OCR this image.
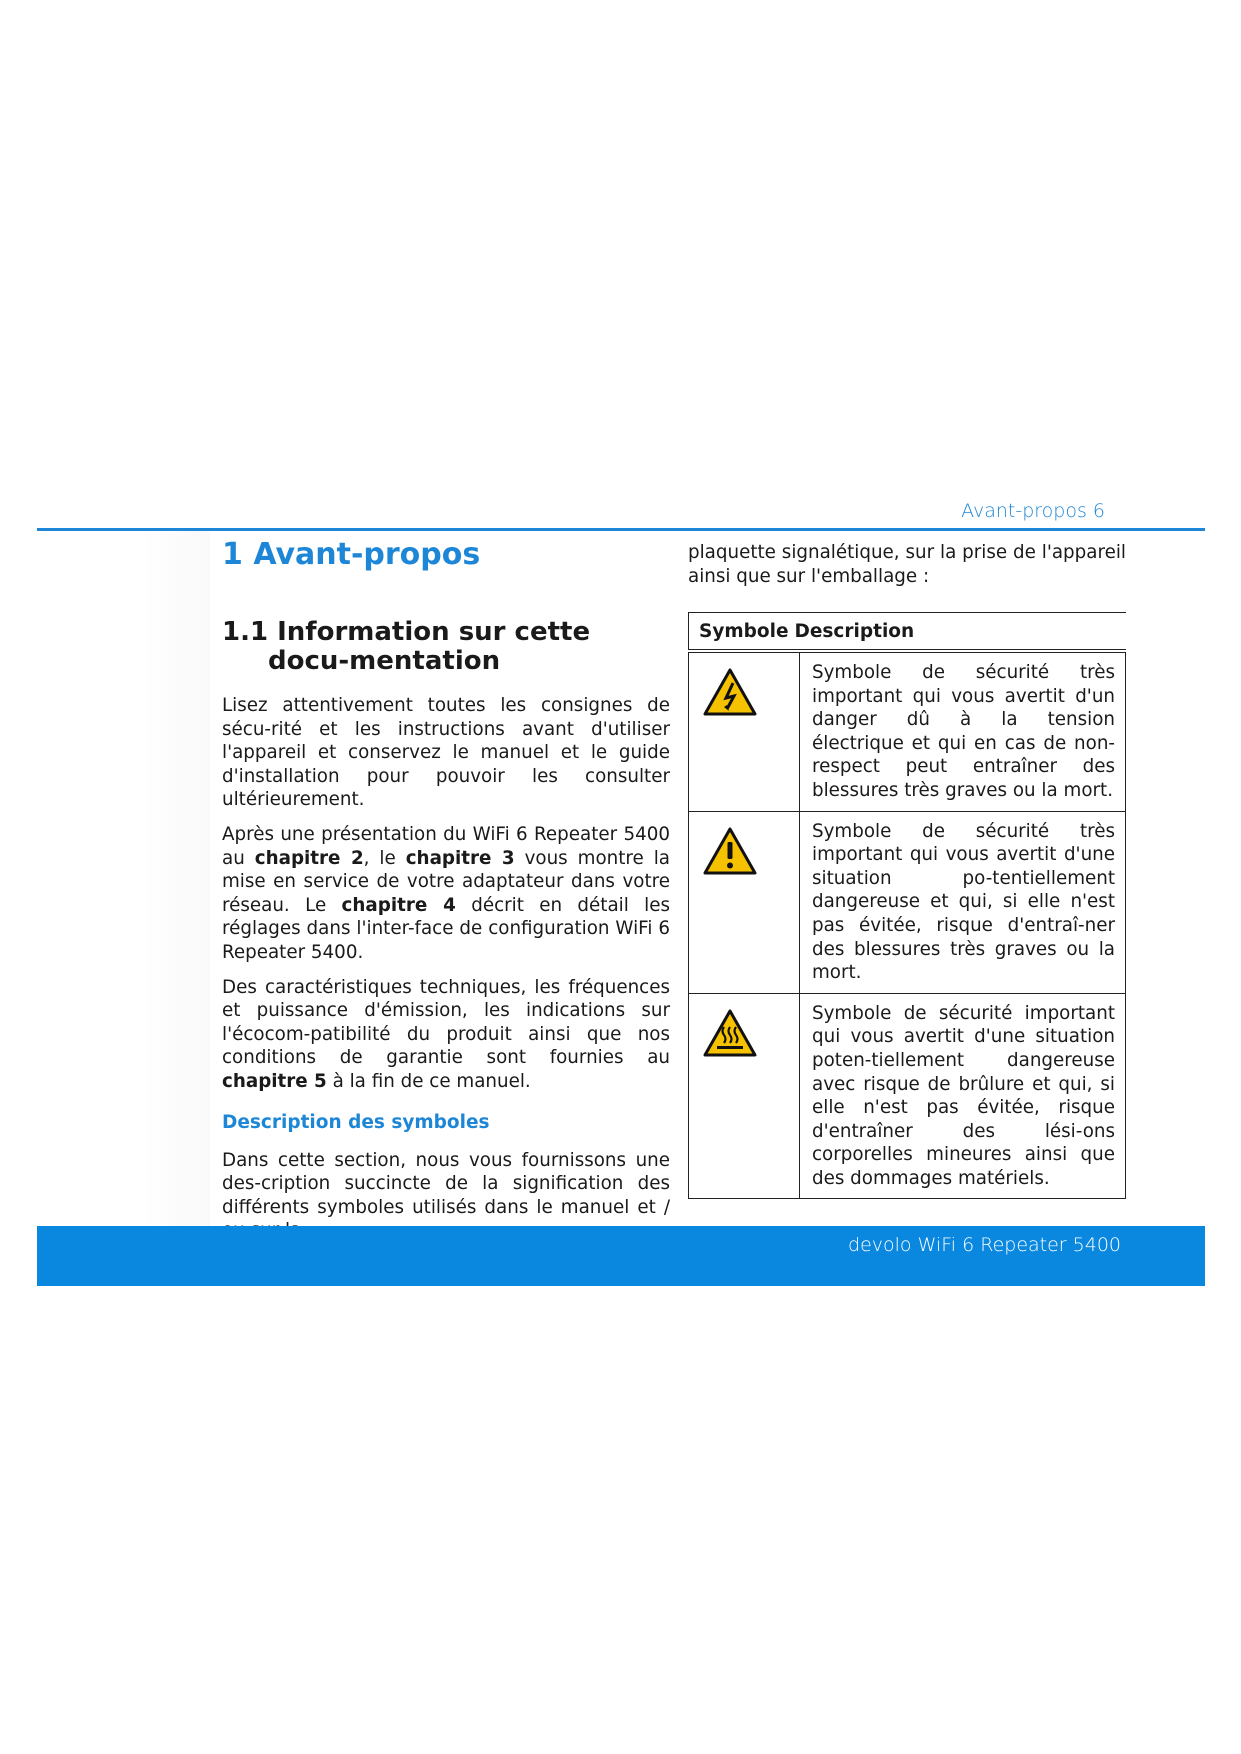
Avant-propos 6
1 Avant-propos
1.1 Information sur cette docu-mentation

Lisez attentivement toutes les consignes de sécu-rité et les instructions avant d'utiliser l'appareil et conservez le manuel et le guide d'installation pour pouvoir les consulter ultérieurement.

Après une présentation du WiFi 6 Repeater 5400 au chapitre 2, le chapitre 3 vous montre la mise en service de votre adaptateur dans votre réseau. Le chapitre 4 décrit en détail les réglages dans l'inter-face de configuration WiFi 6 Repeater 5400.

Des caractéristiques techniques, les fréquences et puissance d'émission, les indications sur l'écocom-patibilité du produit ainsi que nos conditions de garantie sont fournies au chapitre 5 à la fin de ce manuel.

Description des symboles

Dans cette section, nous vous fournissons une des-cription succincte de la signification des différents symboles utilisés dans le manuel et /

plaquette signalétique, sur la prise de l'appareil ainsi que sur l'emballage :

Symbole Description	
	Symbole de sécurité très important qui vous avertit d'un danger dû à la tension électrique et qui en cas de non-respect peut entraîner des blessures très graves ou la mort.
	Symbole de sécurité très important qui vous avertit d'une situation po-tentiellement dangereuse et qui, si elle n'est pas évitée, risque d'entraî-ner des blessures très graves ou la mort.
	Symbole de sécurité important qui vous avertit d'une situation poten-tiellement dangereuse avec risque de brûlure et qui, si elle n'est pas évitée, risque d'entraîner des lési-ons corporelles mineures ainsi que des dommages matériels.
devolo WiFi 6 Repeater 5400
